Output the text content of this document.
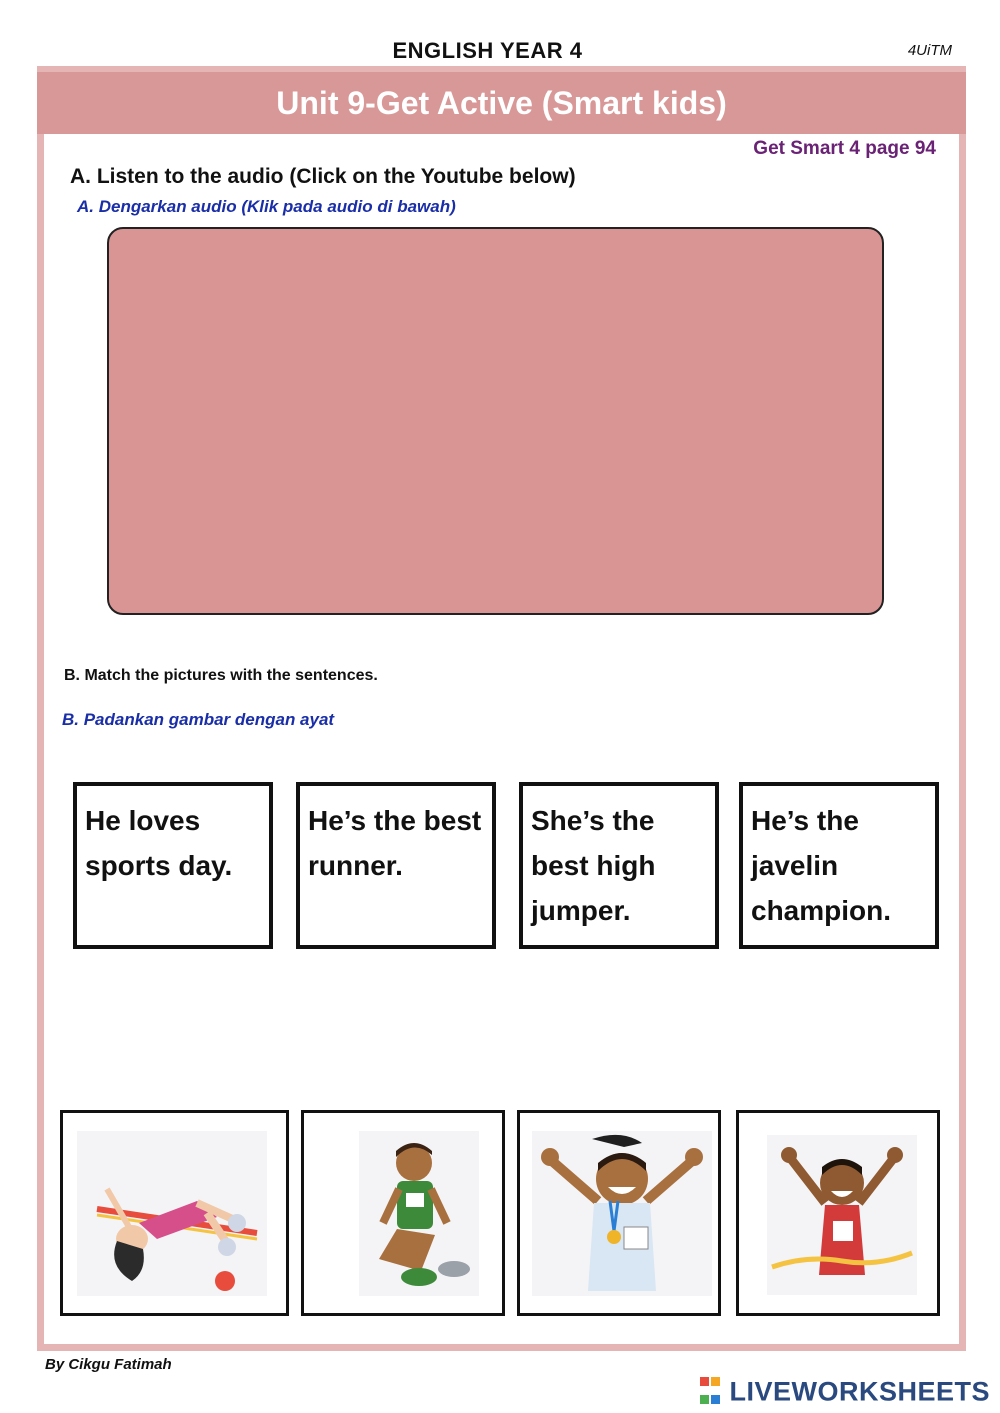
ENGLISH YEAR 4	4UiTM
Unit 9-Get Active (Smart kids)
Get Smart 4 page 94
A. Listen to the audio (Click on the Youtube below)
A. Dengarkan audio (Klik pada audio di bawah)
B. Match the pictures with the sentences.
B. Padankan gambar dengan ayat
He loves
sports day.
He’s the best
runner.
She’s the
best high
jumper.
He’s the
javelin
champion.
By Cikgu Fatimah

LIVEWORKSHEETS
